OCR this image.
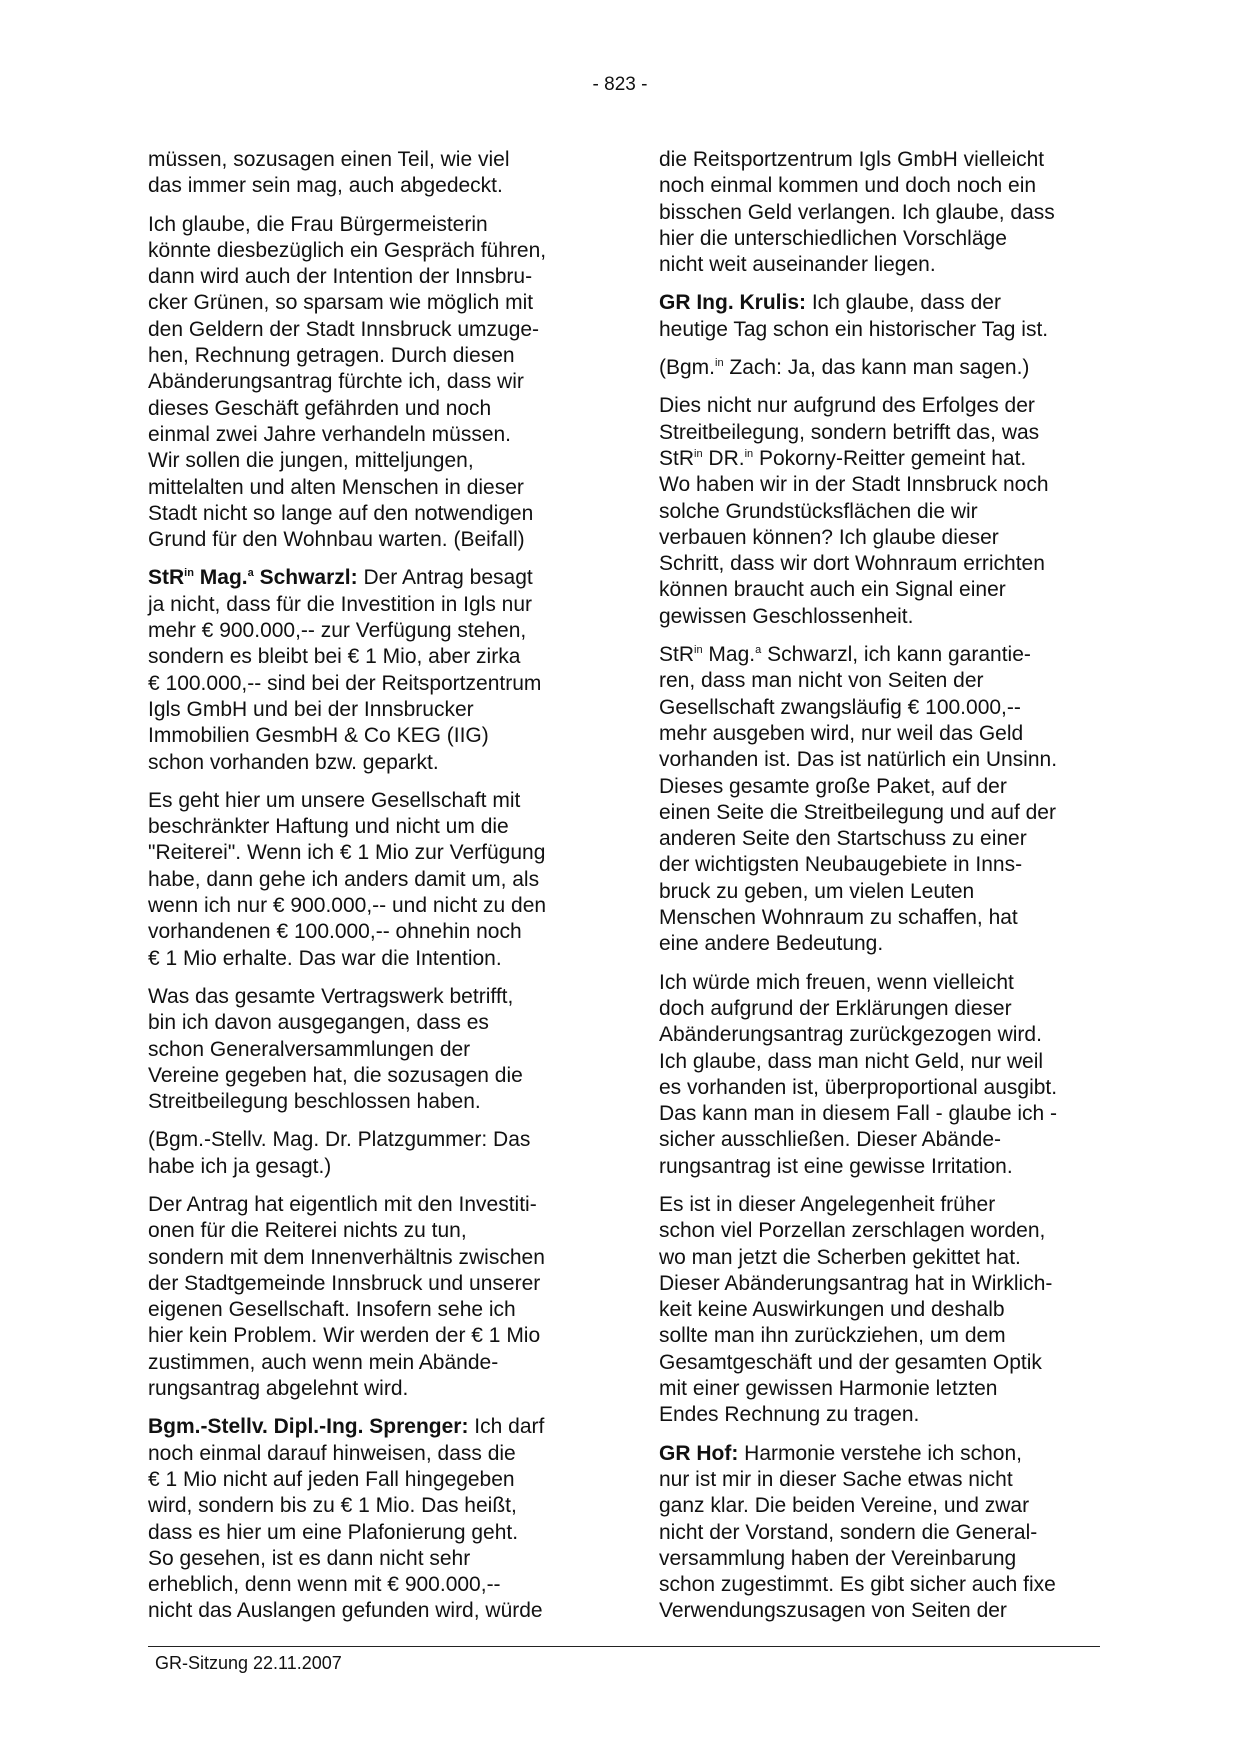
- 823 -

müssen, sozusagen einen Teil, wie viel
das immer sein mag, auch abgedeckt.

Ich glaube, die Frau Bürgermeisterin
könnte diesbezüglich ein Gespräch führen,
dann wird auch der Intention der Innsbru-
cker Grünen, so sparsam wie möglich mit
den Geldern der Stadt Innsbruck umzuge-
hen, Rechnung getragen. Durch diesen
Abänderungsantrag fürchte ich, dass wir
dieses Geschäft gefährden und noch
einmal zwei Jahre verhandeln müssen.
Wir sollen die jungen, mitteljungen,
mittelalten und alten Menschen in dieser
Stadt nicht so lange auf den notwendigen
Grund für den Wohnbau warten. (Beifall)

StR$^{in}$ Mag.$^a$ Schwarzl: Der Antrag besagt
ja nicht, dass für die Investition in Igls nur
mehr € 900.000,-- zur Verfügung stehen,
sondern es bleibt bei € 1 Mio, aber zirka
€ 100.000,-- sind bei der Reitsportzentrum
Igls GmbH und bei der Innsbrucker
Immobilien GesmbH & Co KEG (IIG)
schon vorhanden bzw. geparkt.

Es geht hier um unsere Gesellschaft mit
beschränkter Haftung und nicht um die
"Reiterei". Wenn ich € 1 Mio zur Verfügung
habe, dann gehe ich anders damit um, als
wenn ich nur € 900.000,-- und nicht zu den
vorhandenen € 100.000,-- ohnehin noch
€ 1 Mio erhalte. Das war die Intention.

Was das gesamte Vertragswerk betrifft,
bin ich davon ausgegangen, dass es
schon Generalversammlungen der
Vereine gegeben hat, die sozusagen die
Streitbeilegung beschlossen haben.

(Bgm.-Stellv. Mag. Dr. Platzgummer: Das
habe ich ja gesagt.)

Der Antrag hat eigentlich mit den Investiti-
onen für die Reiterei nichts zu tun,
sondern mit dem Innenverhältnis zwischen
der Stadtgemeinde Innsbruck und unserer
eigenen Gesellschaft. Insofern sehe ich
hier kein Problem. Wir werden der € 1 Mio
zustimmen, auch wenn mein Abände-
rungsantrag abgelehnt wird.

Bgm.-Stellv. Dipl.-Ing. Sprenger: Ich darf
noch einmal darauf hinweisen, dass die
€ 1 Mio nicht auf jeden Fall hingegeben
wird, sondern bis zu € 1 Mio. Das heißt,
dass es hier um eine Plafonierung geht.
So gesehen, ist es dann nicht sehr
erheblich, denn wenn mit € 900.000,--
nicht das Auslangen gefunden wird, würde

die Reitsportzentrum Igls GmbH vielleicht
noch einmal kommen und doch noch ein
bisschen Geld verlangen. Ich glaube, dass
hier die unterschiedlichen Vorschläge
nicht weit auseinander liegen.

GR Ing. Krulis: Ich glaube, dass der
heutige Tag schon ein historischer Tag ist.

(Bgm.$^{in}$ Zach: Ja, das kann man sagen.)

Dies nicht nur aufgrund des Erfolges der
Streitbeilegung, sondern betrifft das, was
StR$^{in}$ DR.$^{in}$ Pokorny-Reitter gemeint hat.
Wo haben wir in der Stadt Innsbruck noch
solche Grundstücksflächen die wir
verbauen können? Ich glaube dieser
Schritt, dass wir dort Wohnraum errichten
können braucht auch ein Signal einer
gewissen Geschlossenheit.

StR$^{in}$ Mag.$^a$ Schwarzl, ich kann garantie-
ren, dass man nicht von Seiten der
Gesellschaft zwangsläufig € 100.000,--
mehr ausgeben wird, nur weil das Geld
vorhanden ist. Das ist natürlich ein Unsinn.
Dieses gesamte große Paket, auf der
einen Seite die Streitbeilegung und auf der
anderen Seite den Startschuss zu einer
der wichtigsten Neubaugebiete in Inns-
bruck zu geben, um vielen Leuten
Menschen Wohnraum zu schaffen, hat
eine andere Bedeutung.

Ich würde mich freuen, wenn vielleicht
doch aufgrund der Erklärungen dieser
Abänderungsantrag zurückgezogen wird.
Ich glaube, dass man nicht Geld, nur weil
es vorhanden ist, überproportional ausgibt.
Das kann man in diesem Fall - glaube ich -
sicher ausschließen. Dieser Abände-
rungsantrag ist eine gewisse Irritation.

Es ist in dieser Angelegenheit früher
schon viel Porzellan zerschlagen worden,
wo man jetzt die Scherben gekittet hat.
Dieser Abänderungsantrag hat in Wirklich-
keit keine Auswirkungen und deshalb
sollte man ihn zurückziehen, um dem
Gesamtgeschäft und der gesamten Optik
mit einer gewissen Harmonie letzten
Endes Rechnung zu tragen.

GR Hof: Harmonie verstehe ich schon,
nur ist mir in dieser Sache etwas nicht
ganz klar. Die beiden Vereine, und zwar
nicht der Vorstand, sondern die General-
versammlung haben der Vereinbarung
schon zugestimmt. Es gibt sicher auch fixe
Verwendungszusagen von Seiten der

GR-Sitzung 22.11.2007
